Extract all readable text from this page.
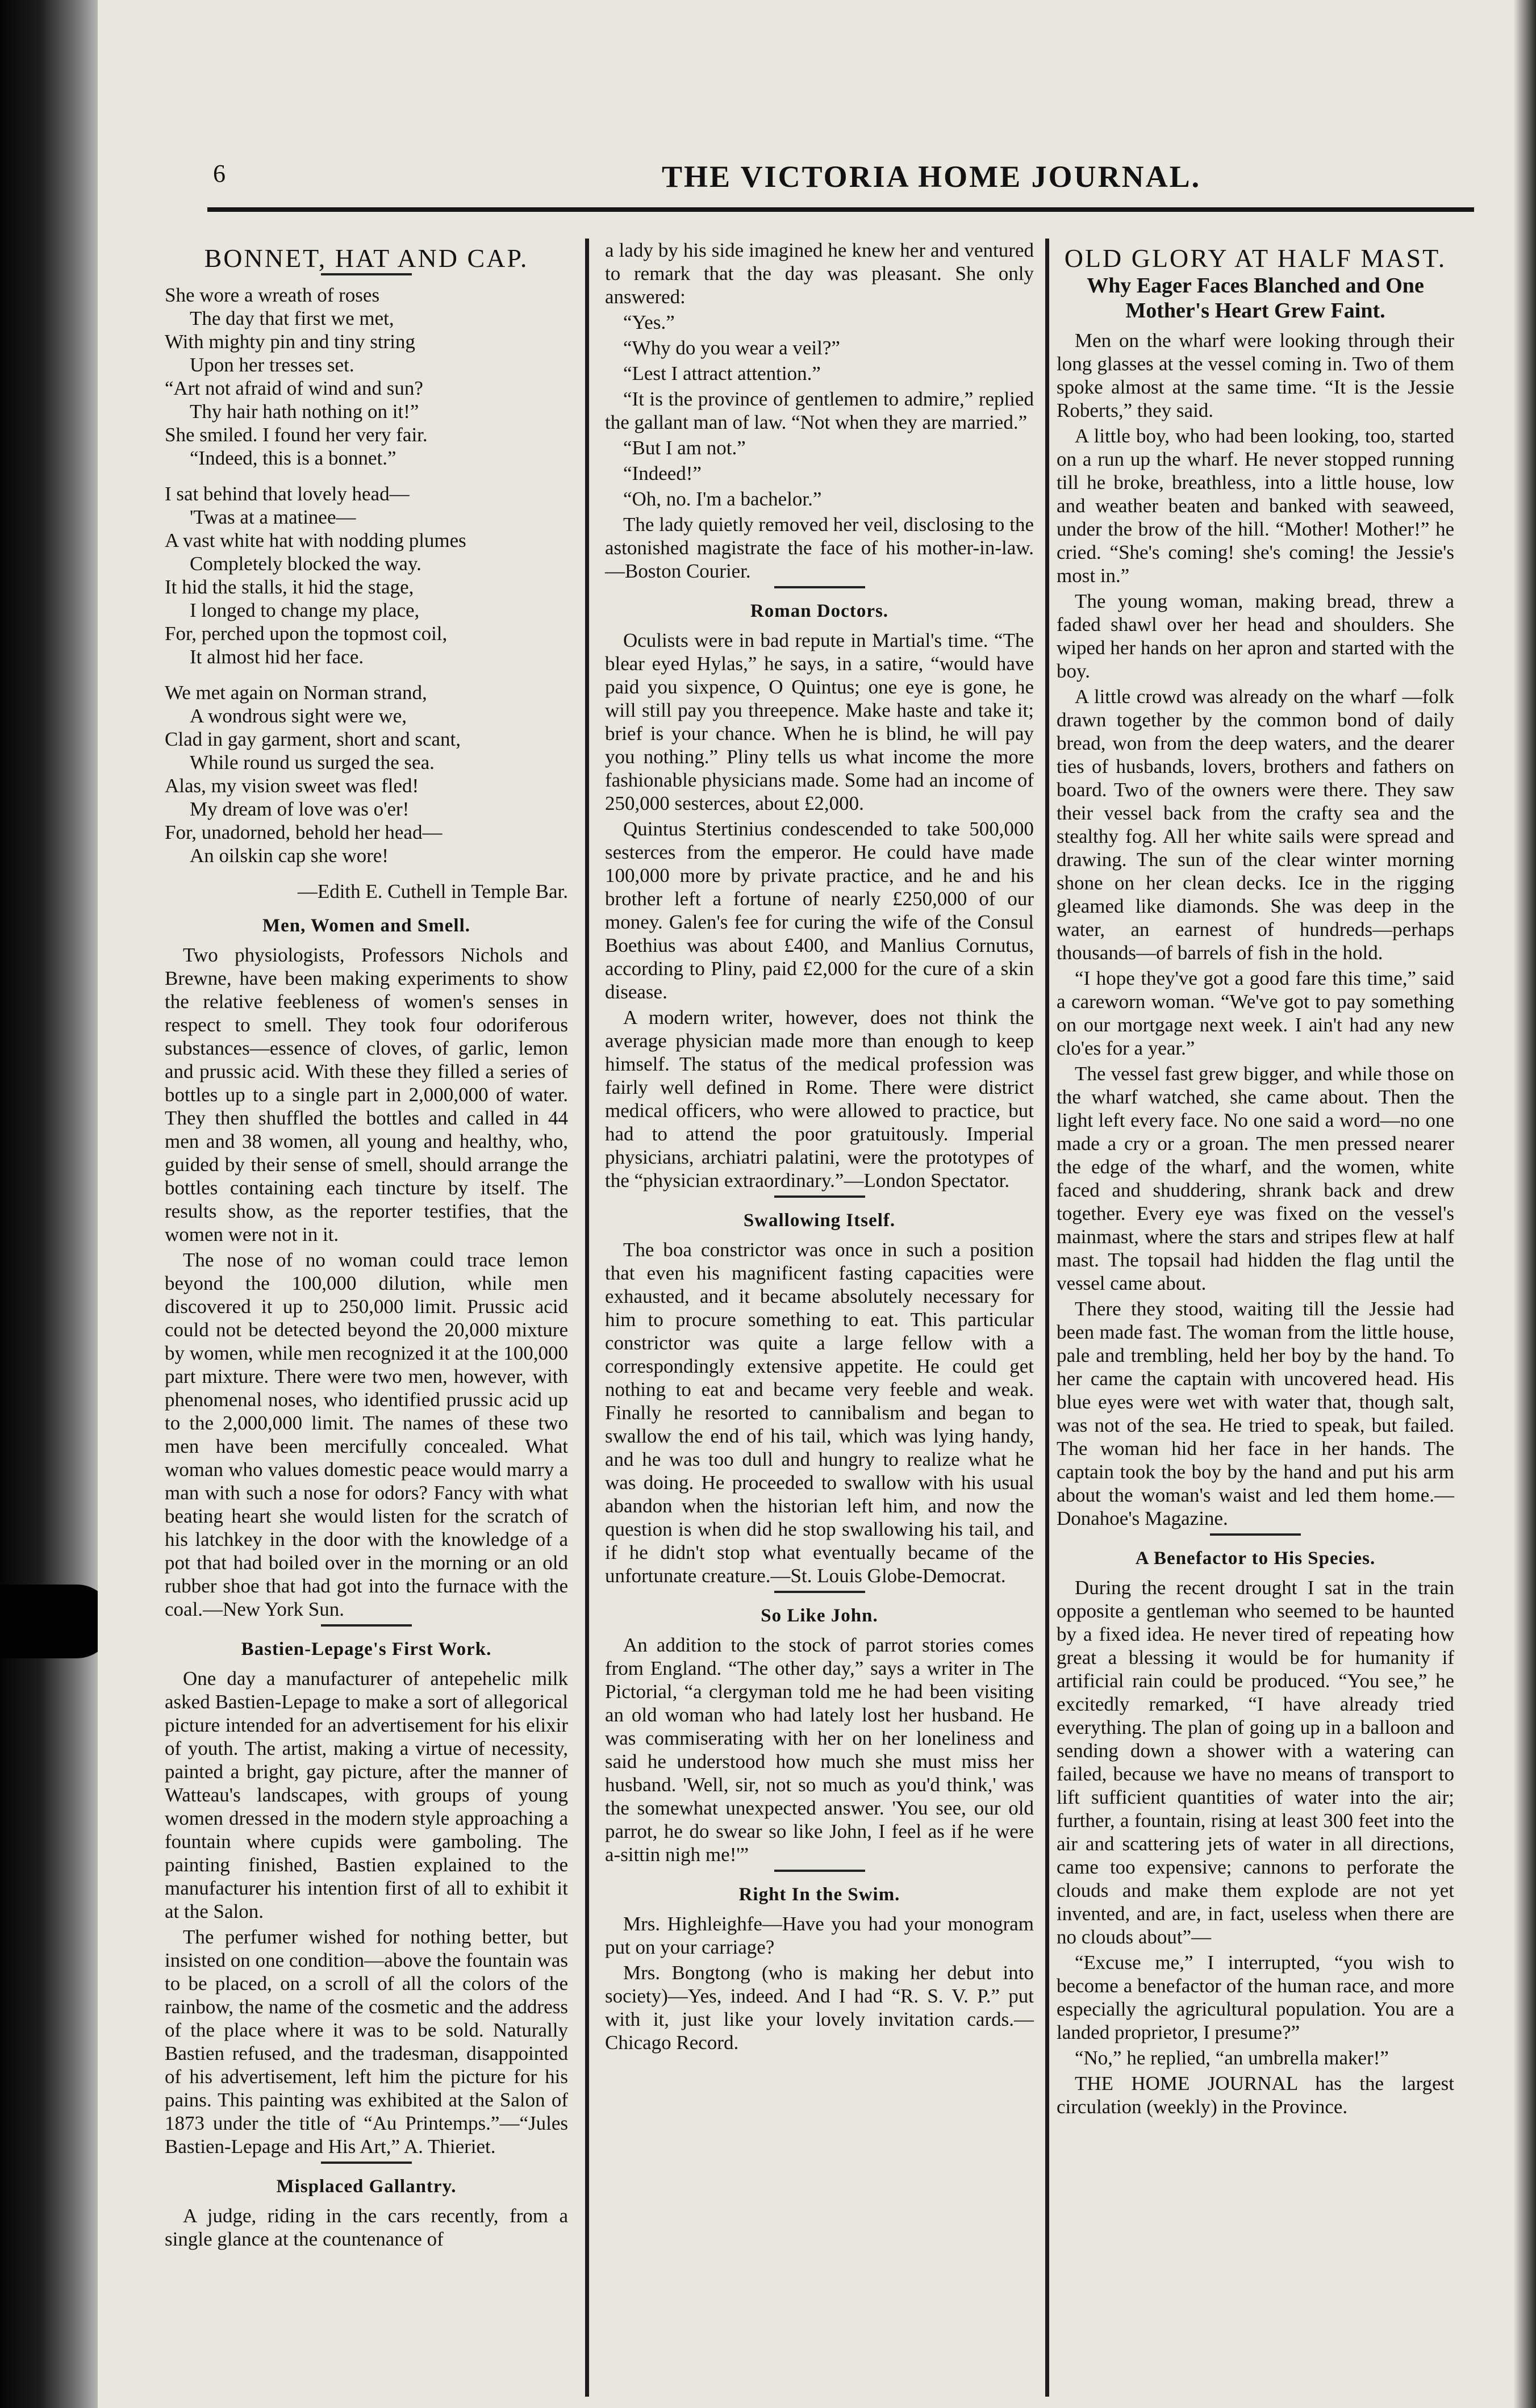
6	THE VICTORIA HOME JOURNAL.
BONNET, HAT AND CAP.

She wore a wreath of roses

The day that first we met,

With mighty pin and tiny string

Upon her tresses set.

“Art not afraid of wind and sun?

Thy hair hath nothing on it!”

She smiled. I found her very fair.

“Indeed, this is a bonnet.”

I sat behind that lovely head—

'Twas at a matinee—

A vast white hat with nodding plumes

Completely blocked the way.

It hid the stalls, it hid the stage,

I longed to change my place,

For, perched upon the topmost coil,

It almost hid her face.

We met again on Norman strand,

A wondrous sight were we,

Clad in gay garment, short and scant,

While round us surged the sea.

Alas, my vision sweet was fled!

My dream of love was o'er!

For, unadorned, behold her head—

An oilskin cap she wore!

—Edith E. Cuthell in Temple Bar.

Men, Women and Smell.

Two physiologists, Professors Nichols and Brewne, have been making experiments to show the relative feebleness of women's senses in respect to smell. They took four odoriferous substances—essence of cloves, of garlic, lemon and prussic acid. With these they filled a series of bottles up to a single part in 2,000,000 of water. They then shuffled the bottles and called in 44 men and 38 women, all young and healthy, who, guided by their sense of smell, should arrange the bottles containing each tincture by itself. The results show, as the reporter testifies, that the women were not in it.

The nose of no woman could trace lemon beyond the 100,000 dilution, while men discovered it up to 250,000 limit. Prussic acid could not be detected beyond the 20,000 mixture by women, while men recognized it at the 100,000 part mixture. There were two men, however, with phenomenal noses, who identified prussic acid up to the 2,000,000 limit. The names of these two men have been mercifully concealed. What woman who values domestic peace would marry a man with such a nose for odors? Fancy with what beating heart she would listen for the scratch of his latchkey in the door with the knowledge of a pot that had boiled over in the morning or an old rubber shoe that had got into the furnace with the coal.—New York Sun.

Bastien-Lepage's First Work.

One day a manufacturer of antepehelic milk asked Bastien-Lepage to make a sort of allegorical picture intended for an advertisement for his elixir of youth. The artist, making a virtue of necessity, painted a bright, gay picture, after the manner of Watteau's landscapes, with groups of young women dressed in the modern style approaching a fountain where cupids were gamboling. The painting finished, Bastien explained to the manufacturer his intention first of all to exhibit it at the Salon.

The perfumer wished for nothing better, but insisted on one condition—above the fountain was to be placed, on a scroll of all the colors of the rainbow, the name of the cosmetic and the address of the place where it was to be sold. Naturally Bastien refused, and the tradesman, disappointed of his advertisement, left him the picture for his pains. This painting was exhibited at the Salon of 1873 under the title of “Au Printemps.”—“Jules Bastien-Lepage and His Art,” A. Thieriet.

Misplaced Gallantry.

A judge, riding in the cars recently, from a single glance at the countenance of

a lady by his side imagined he knew her and ventured to remark that the day was pleasant. She only answered:

“Yes.”

“Why do you wear a veil?”

“Lest I attract attention.”

“It is the province of gentlemen to admire,” replied the gallant man of law. “Not when they are married.”

“But I am not.”

“Indeed!”

“Oh, no. I'm a bachelor.”

The lady quietly removed her veil, disclosing to the astonished magistrate the face of his mother-in-law.—Boston Courier.

Roman Doctors.

Oculists were in bad repute in Martial's time. “The blear eyed Hylas,” he says, in a satire, “would have paid you sixpence, O Quintus; one eye is gone, he will still pay you threepence. Make haste and take it; brief is your chance. When he is blind, he will pay you nothing.” Pliny tells us what income the more fashionable physicians made. Some had an income of 250,000 sesterces, about £2,000.

Quintus Stertinius condescended to take 500,000 sesterces from the emperor. He could have made 100,000 more by private practice, and he and his brother left a fortune of nearly £250,000 of our money. Galen's fee for curing the wife of the Consul Boethius was about £400, and Manlius Cornutus, according to Pliny, paid £2,000 for the cure of a skin disease.

A modern writer, however, does not think the average physician made more than enough to keep himself. The status of the medical profession was fairly well defined in Rome. There were district medical officers, who were allowed to practice, but had to attend the poor gratuitously. Imperial physicians, archiatri palatini, were the prototypes of the “physician extraordinary.”—London Spectator.

Swallowing Itself.

The boa constrictor was once in such a position that even his magnificent fasting capacities were exhausted, and it became absolutely necessary for him to procure something to eat. This particular constrictor was quite a large fellow with a correspondingly extensive appetite. He could get nothing to eat and became very feeble and weak. Finally he resorted to cannibalism and began to swallow the end of his tail, which was lying handy, and he was too dull and hungry to realize what he was doing. He proceeded to swallow with his usual abandon when the historian left him, and now the question is when did he stop swallowing his tail, and if he didn't stop what eventually became of the unfortunate creature.—St. Louis Globe-Democrat.

So Like John.

An addition to the stock of parrot stories comes from England. “The other day,” says a writer in The Pictorial, “a clergyman told me he had been visiting an old woman who had lately lost her husband. He was commiserating with her on her loneliness and said he understood how much she must miss her husband. 'Well, sir, not so much as you'd think,' was the somewhat unexpected answer. 'You see, our old parrot, he do swear so like John, I feel as if he were a-sittin nigh me!'”

Right In the Swim.

Mrs. Highleighfe—Have you had your monogram put on your carriage?

Mrs. Bongtong (who is making her debut into society)—Yes, indeed. And I had “R. S. V. P.” put with it, just like your lovely invitation cards.—Chicago Record.

OLD GLORY AT HALF MAST.
Why Eager Faces Blanched and One Mother's Heart Grew Faint.

Men on the wharf were looking through their long glasses at the vessel coming in. Two of them spoke almost at the same time. “It is the Jessie Roberts,” they said.

A little boy, who had been looking, too, started on a run up the wharf. He never stopped running till he broke, breathless, into a little house, low and weather beaten and banked with seaweed, under the brow of the hill. “Mother! Mother!” he cried. “She's coming! she's coming! the Jessie's most in.”

The young woman, making bread, threw a faded shawl over her head and shoulders. She wiped her hands on her apron and started with the boy.

A little crowd was already on the wharf —folk drawn together by the common bond of daily bread, won from the deep waters, and the dearer ties of husbands, lovers, brothers and fathers on board. Two of the owners were there. They saw their vessel back from the crafty sea and the stealthy fog. All her white sails were spread and drawing. The sun of the clear winter morning shone on her clean decks. Ice in the rigging gleamed like diamonds. She was deep in the water, an earnest of hundreds—perhaps thousands—of barrels of fish in the hold.

“I hope they've got a good fare this time,” said a careworn woman. “We've got to pay something on our mortgage next week. I ain't had any new clo'es for a year.”

The vessel fast grew bigger, and while those on the wharf watched, she came about. Then the light left every face. No one said a word—no one made a cry or a groan. The men pressed nearer the edge of the wharf, and the women, white faced and shuddering, shrank back and drew together. Every eye was fixed on the vessel's mainmast, where the stars and stripes flew at half mast. The topsail had hidden the flag until the vessel came about.

There they stood, waiting till the Jessie had been made fast. The woman from the little house, pale and trembling, held her boy by the hand. To her came the captain with uncovered head. His blue eyes were wet with water that, though salt, was not of the sea. He tried to speak, but failed. The woman hid her face in her hands. The captain took the boy by the hand and put his arm about the woman's waist and led them home.—Donahoe's Magazine.

A Benefactor to His Species.

During the recent drought I sat in the train opposite a gentleman who seemed to be haunted by a fixed idea. He never tired of repeating how great a blessing it would be for humanity if artificial rain could be produced. “You see,” he excitedly remarked, “I have already tried everything. The plan of going up in a balloon and sending down a shower with a watering can failed, because we have no means of transport to lift sufficient quantities of water into the air; further, a fountain, rising at least 300 feet into the air and scattering jets of water in all directions, came too expensive; cannons to perforate the clouds and make them explode are not yet invented, and are, in fact, useless when there are no clouds about”—

“Excuse me,” I interrupted, “you wish to become a benefactor of the human race, and more especially the agricultural population. You are a landed proprietor, I presume?”

“No,” he replied, “an umbrella maker!”

THE HOME JOURNAL has the largest circulation (weekly) in the Province.
